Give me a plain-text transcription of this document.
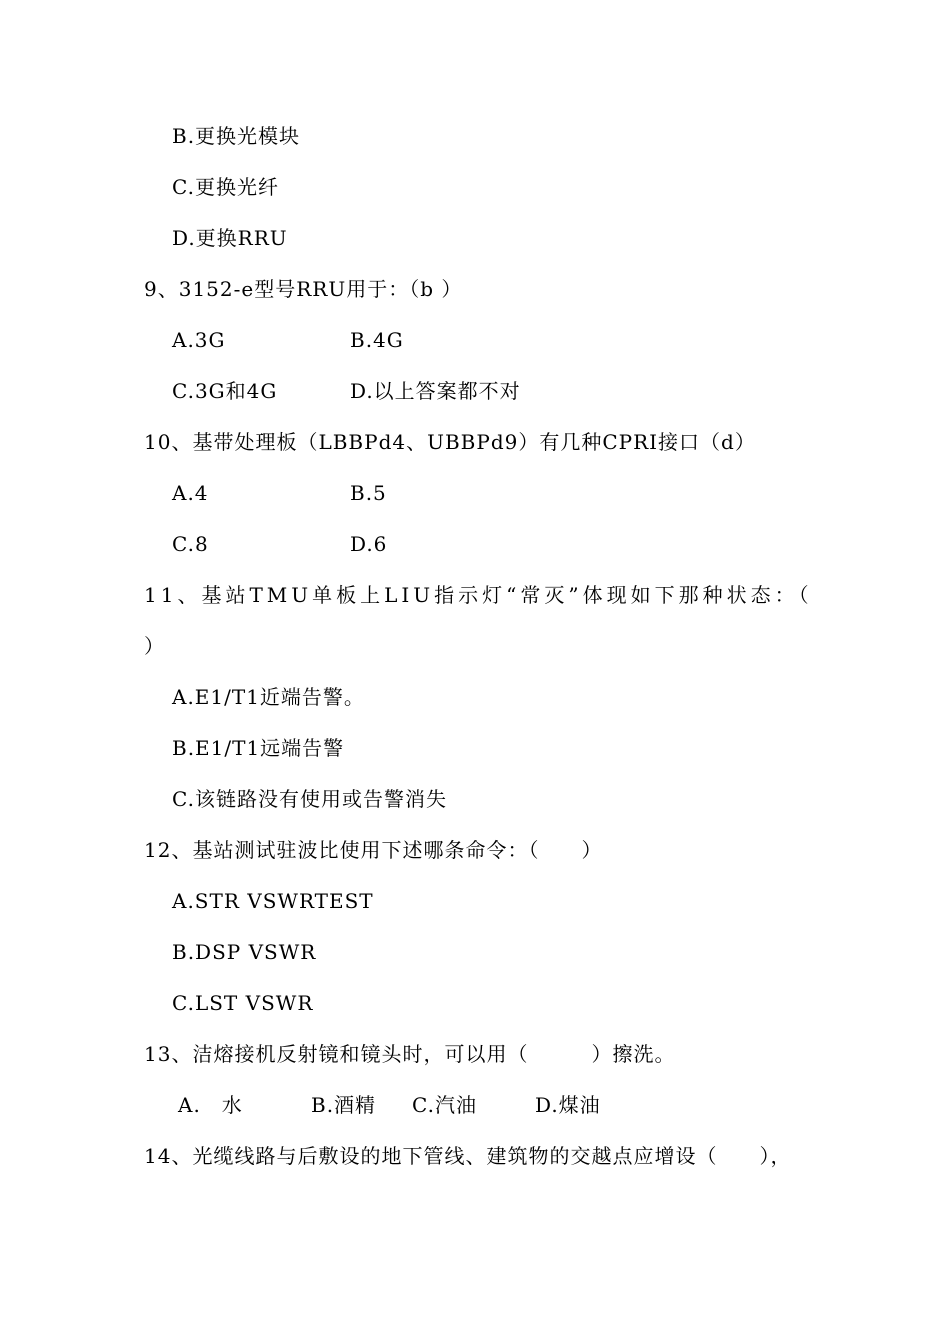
B.更换光模块
C.更换光纤
D.更换RRU
9、3152-e型号RRU用于：（b ）
A.3G	B.4G
C.3G和4G	D.以上答案都不对
10、基带处理板（LBBPd4、UBBPd9）有几种CPRI接口（d）
A.4	B.5
C.8	D.6
11、基站TMU单板上LIU指示灯“常灭”体现如下那种状态：（
）
A.E1/T1近端告警。
B.E1/T1远端告警
C.该链路没有使用或告警消失
12、基站测试驻波比使用下述哪条命令：（　　）
A.STR VSWRTEST
B.DSP VSWR
C.LST VSWR
13、洁熔接机反射镜和镜头时，可以用（　　　）擦洗。
A.　水	B.酒精 C.汽油	D.煤油
14、光缆线路与后敷设的地下管线、建筑物的交越点应增设（　　），
